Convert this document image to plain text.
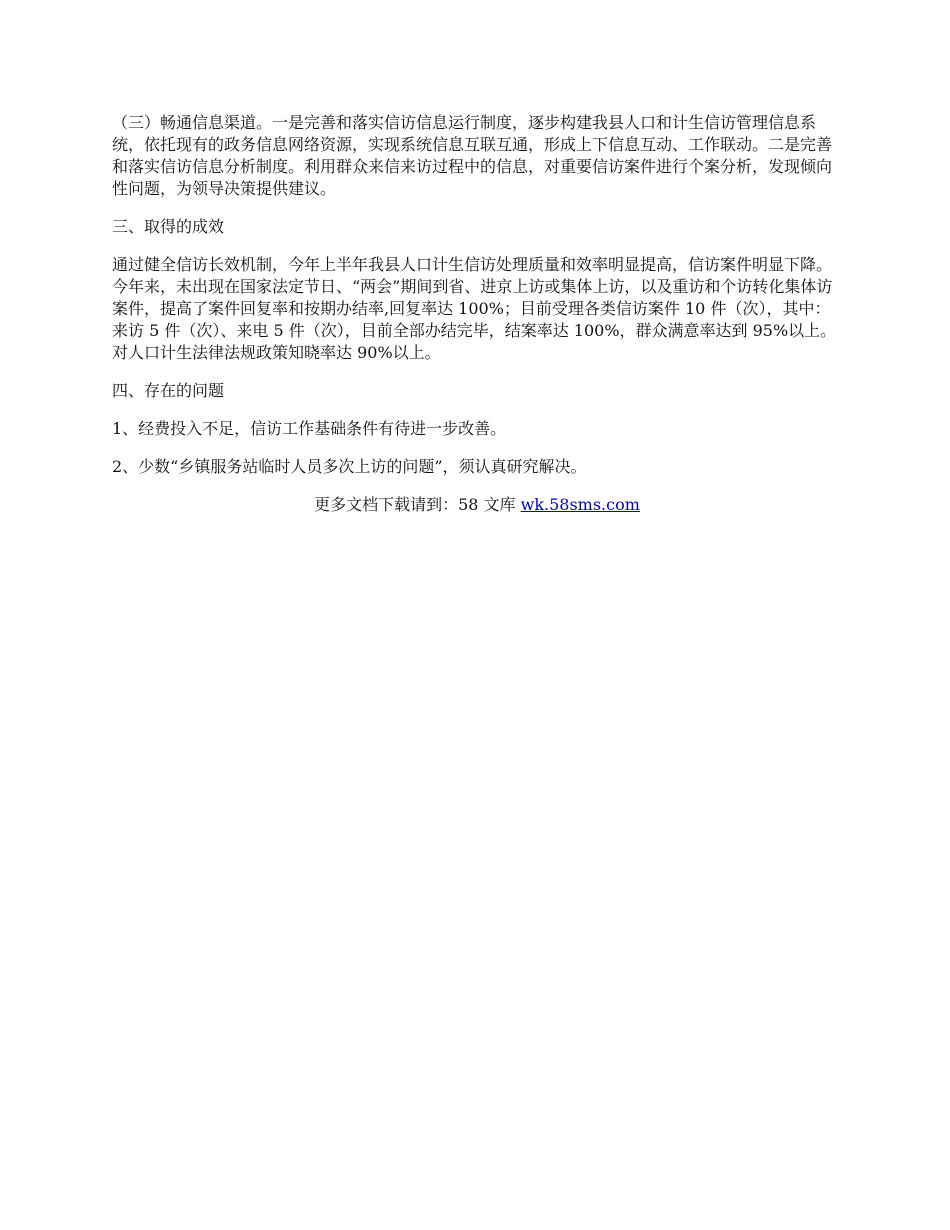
（三）畅通信息渠道。一是完善和落实信访信息运行制度，逐步构建我县人口和计生信访管理信息系统，依托现有的政务信息网络资源，实现系统信息互联互通，形成上下信息互动、工作联动。二是完善和落实信访信息分析制度。利用群众来信来访过程中的信息，对重要信访案件进行个案分析，发现倾向性问题，为领导决策提供建议。

三、取得的成效

通过健全信访长效机制，今年上半年我县人口计生信访处理质量和效率明显提高，信访案件明显下降。今年来，未出现在国家法定节日、“两会”期间到省、进京上访或集体上访，以及重访和个访转化集体访案件，提高了案件回复率和按期办结率,回复率达 100%；目前受理各类信访案件 10 件（次），其中：来访 5 件（次）、来电 5 件（次），目前全部办结完毕，结案率达 100%，群众满意率达到 95%以上。对人口计生法律法规政策知晓率达 90%以上。

四、存在的问题

1、经费投入不足，信访工作基础条件有待进一步改善。

2、少数“乡镇服务站临时人员多次上访的问题”，须认真研究解决。

更多文档下载请到：58 文库 wk.58sms.com
